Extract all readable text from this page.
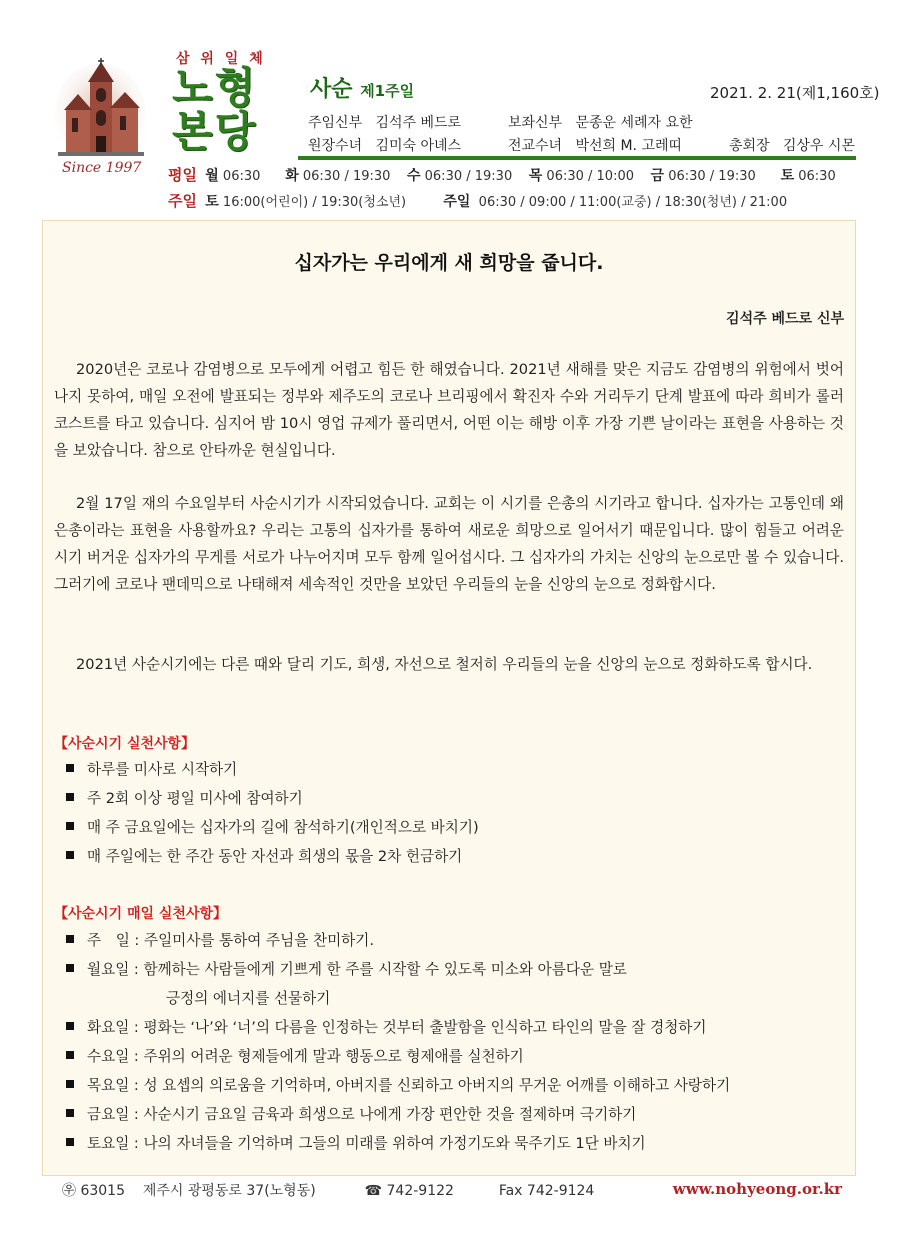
Since 1997
삼 위 일 체
노형
본당
사순 제1주일	2021. 2. 21(제1,160호)
주임신부 김석주 베드로	보좌신부 문종운 세례자 요한
원장수녀 김미숙 아녜스	전교수녀 박선희 M. 고레띠	총회장 김상우 시몬
평일 월 06:30 화 06:30 / 19:30 수 06:30 / 19:30 목 06:30 / 10:00 금 06:30 / 19:30 토 06:30
주일 토 16:00(어린이) / 19:30(청소년)	주일 06:30 / 09:00 / 11:00(교중) / 18:30(청년) / 21:00
십자가는 우리에게 새 희망을 줍니다.
김석주 베드로 신부
2020년은 코로나 감염병으로 모두에게 어렵고 힘든 한 해였습니다. 2021년 새해를 맞은 지금도 감염병의 위험에서 벗어나지 못하여, 매일 오전에 발표되는 정부와 제주도의 코로나 브리핑에서 확진자 수와 거리두기 단계 발표에 따라 희비가 롤러코스트를 타고 있습니다. 심지어 밤 10시 영업 규제가 풀리면서, 어떤 이는 해방 이후 가장 기쁜 날이라는 표현을 사용하는 것을 보았습니다. 참으로 안타까운 현실입니다.
2월 17일 재의 수요일부터 사순시기가 시작되었습니다. 교회는 이 시기를 은총의 시기라고 합니다. 십자가는 고통인데 왜 은총이라는 표현을 사용할까요? 우리는 고통의 십자가를 통하여 새로운 희망으로 일어서기 때문입니다. 많이 힘들고 어려운 시기 버거운 십자가의 무게를 서로가 나누어지며 모두 함께 일어섭시다. 그 십자가의 가치는 신앙의 눈으로만 볼 수 있습니다. 그러기에 코로나 팬데믹으로 나태해져 세속적인 것만을 보았던 우리들의 눈을 신앙의 눈으로 정화합시다.
2021년 사순시기에는 다른 때와 달리 기도, 희생, 자선으로 철저히 우리들의 눈을 신앙의 눈으로 정화하도록 합시다.
【사순시기 실천사항】
하루를 미사로 시작하기
주 2회 이상 평일 미사에 참여하기
매 주 금요일에는 십자가의 길에 참석하기(개인적으로 바치기)
매 주일에는 한 주간 동안 자선과 희생의 몫을 2차 헌금하기
【사순시기 매일 실천사항】
주　일 : 주일미사를 통하여 주님을 찬미하기.
월요일 : 함께하는 사람들에게 기쁘게 한 주를 시작할 수 있도록 미소와 아름다운 말로
긍정의 에너지를 선물하기
화요일 : 평화는 ‘나’와 ‘너’의 다름을 인정하는 것부터 출발함을 인식하고 타인의 말을 잘 경청하기
수요일 : 주위의 어려운 형제들에게 말과 행동으로 형제애를 실천하기
목요일 : 성 요셉의 의로움을 기억하며, 아버지를 신뢰하고 아버지의 무거운 어깨를 이해하고 사랑하기
금요일 : 사순시기 금요일 금육과 희생으로 나에게 가장 편안한 것을 절제하며 극기하기
토요일 : 나의 자녀들을 기억하며 그들의 미래를 위하여 가정기도와 묵주기도 1단 바치기
㉾ 63015 제주시 광평동로 37(노형동)	☎ 742-9122	Fax 742-9124	www.nohyeong.or.kr
